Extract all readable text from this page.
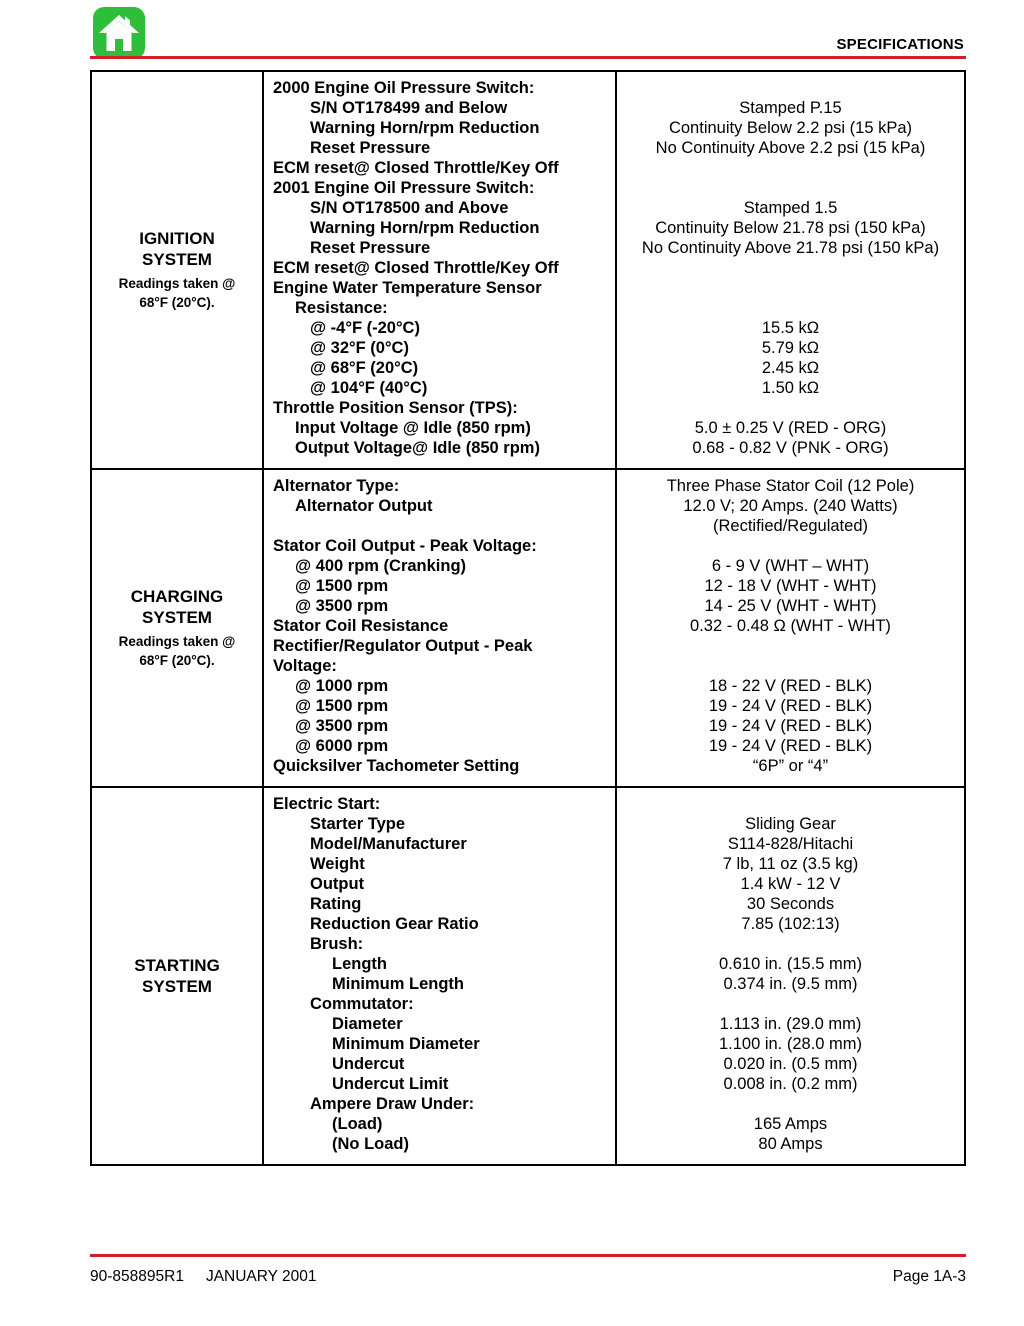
SPECIFICATIONS
IGNITION SYSTEM
Readings taken @ 68°F (20°C).
2000 Engine Oil Pressure Switch:
S/N OT178499 and Below
Warning Horn/rpm Reduction
Reset Pressure
ECM reset@ Closed Throttle/Key Off
2001 Engine Oil Pressure Switch:
S/N OT178500 and Above
Warning Horn/rpm Reduction
Reset Pressure
ECM reset@ Closed Throttle/Key Off
Engine Water Temperature Sensor
Resistance:
@ -4°F (-20°C)
@ 32°F (0°C)
@ 68°F (20°C)
@ 104°F (40°C)
Throttle Position Sensor (TPS):
Input Voltage @ Idle (850 rpm)
Output Voltage@ Idle (850 rpm)

Stamped P.15
Continuity Below 2.2 psi (15 kPa)
No Continuity Above 2.2 psi (15 kPa)

Stamped 1.5
Continuity Below 21.78 psi (150 kPa)
No Continuity Above 21.78 psi (150 kPa)

15.5 kΩ
5.79 kΩ
2.45 kΩ
1.50 kΩ

5.0 ± 0.25 V (RED - ORG)
0.68 - 0.82 V (PNK - ORG)
CHARGING SYSTEM
Readings taken @ 68°F (20°C).
Alternator Type:
Alternator Output

Stator Coil Output - Peak Voltage:
@ 400 rpm (Cranking)
@ 1500 rpm
@ 3500 rpm
Stator Coil Resistance
Rectifier/Regulator Output - Peak
Voltage:
@ 1000 rpm
@ 1500 rpm
@ 3500 rpm
@ 6000 rpm
Quicksilver Tachometer Setting
Three Phase Stator Coil (12 Pole)
12.0 V; 20 Amps. (240 Watts)
(Rectified/Regulated)

6 - 9 V (WHT – WHT)
12 - 18 V (WHT - WHT)
14 - 25 V (WHT - WHT)
0.32 - 0.48 Ω (WHT - WHT)

18 - 22 V (RED - BLK)
19 - 24 V (RED - BLK)
19 - 24 V (RED - BLK)
19 - 24 V (RED - BLK)
“6P” or “4”
STARTING SYSTEM
Electric Start:
Starter Type
Model/Manufacturer
Weight
Output
Rating
Reduction Gear Ratio
Brush:
Length
Minimum Length
Commutator:
Diameter
Minimum Diameter
Undercut
Undercut Limit
Ampere Draw Under:
(Load)
(No Load)

Sliding Gear
S114-828/Hitachi
7 lb, 11 oz (3.5 kg)
1.4 kW - 12 V
30 Seconds
7.85 (102:13)

0.610 in. (15.5 mm)
0.374 in. (9.5 mm)

1.113 in. (29.0 mm)
1.100 in. (28.0 mm)
0.020 in. (0.5 mm)
0.008 in. (0.2 mm)

165 Amps
80 Amps
90-858895R1 JANUARY 2001	Page 1A-3
